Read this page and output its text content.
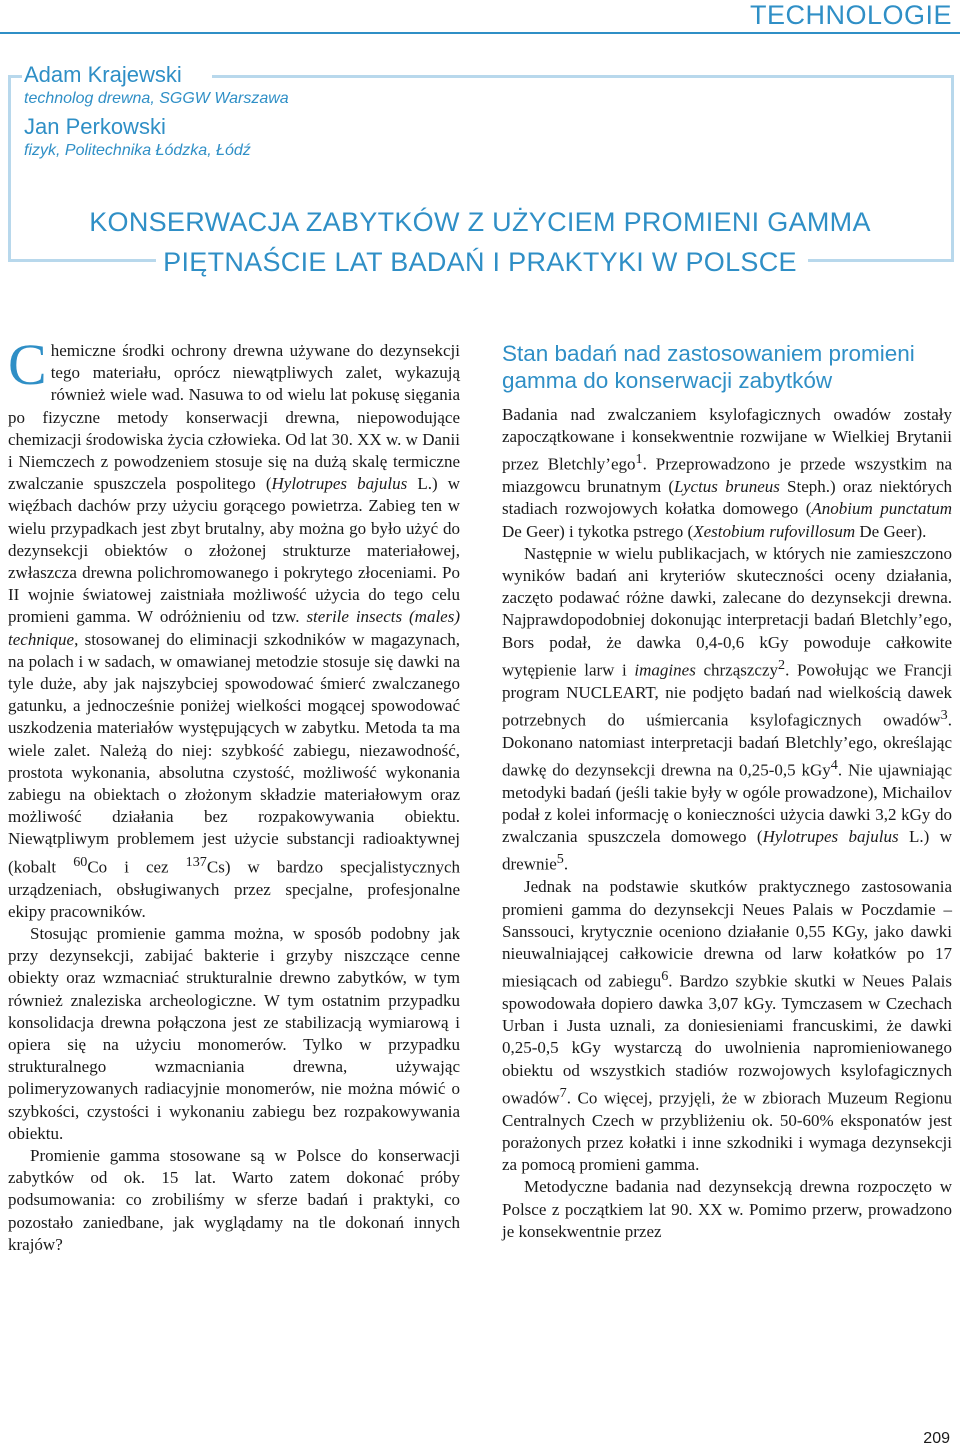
TECHNOLOGIE
Adam Krajewski
technolog drewna, SGGW Warszawa
Jan Perkowski
fizyk, Politechnika Łódzka, Łódź
KONSERWACJA ZABYTKÓW Z UŻYCIEM PROMIENI GAMMA
PIĘTNAŚCIE LAT BADAŃ I PRAKTYKI W POLSCE

Chemiczne środki ochrony drewna używane do dezynsekcji tego materiału, oprócz niewątpliwych zalet, wykazują również wiele wad. Nasuwa to od wielu lat pokusę sięgania po fizyczne metody konserwacji drewna, niepowodujące chemizacji środowiska życia człowieka. Od lat 30. XX w. w Danii i Niemczech z powodzeniem stosuje się na dużą skalę termiczne zwalczanie spuszczela pospolitego (Hylotrupes bajulus L.) w więźbach dachów przy użyciu gorącego powietrza. Zabieg ten w wielu przypadkach jest zbyt brutalny, aby można go było użyć do dezynsekcji obiektów o złożonej strukturze materiałowej, zwłaszcza drewna polichromowanego i pokrytego złoceniami. Po II wojnie światowej zaistniała możliwość użycia do tego celu promieni gamma. W odróżnieniu od tzw. sterile insects (males) technique, stosowanej do eliminacji szkodników w magazynach, na polach i w sadach, w omawianej metodzie stosuje się dawki na tyle duże, aby jak najszybciej spowodować śmierć zwalczanego gatunku, a jednocześnie poniżej wielkości mogącej spowodować uszkodzenia materiałów występujących w zabytku. Metoda ta ma wiele zalet. Należą do niej: szybkość zabiegu, niezawodność, prostota wykonania, absolutna czystość, możliwość wykonania zabiegu na obiektach o złożonym składzie materiałowym oraz możliwość działania bez rozpakowywania obiektu. Niewątpliwym problemem jest użycie substancji radioaktywnej (kobalt $^{60}$Co i cez $^{137}$Cs) w bardzo specjalistycznych urządzeniach, obsługiwanych przez specjalne, profesjonalne ekipy pracowników.

Stosując promienie gamma można, w sposób podobny jak przy dezynsekcji, zabijać bakterie i grzyby niszczące cenne obiekty oraz wzmacniać strukturalnie drewno zabytków, w tym również znaleziska archeologiczne. W tym ostatnim przypadku konsolidacja drewna połączona jest ze stabilizacją wymiarową i opiera się na użyciu monomerów. Tylko w przypadku strukturalnego wzmacniania drewna, używając polimeryzowanych radiacyjnie monomerów, nie można mówić o szybkości, czystości i wykonaniu zabiegu bez rozpakowywania obiektu.

Promienie gamma stosowane są w Polsce do konserwacji zabytków od ok. 15 lat. Warto zatem dokonać próby podsumowania: co zrobiliśmy w sferze badań i praktyki, co pozostało zaniedbane, jak wyglądamy na tle dokonań innych krajów?

Stan badań nad zastosowaniem promieni gamma do konserwacji zabytków

Badania nad zwalczaniem ksylofagicznych owadów zostały zapoczątkowane i konsekwentnie rozwijane w Wielkiej Brytanii przez Bletchly’ego$^1$. Przeprowadzono je przede wszystkim na miazgowcu brunatnym (Lyctus bruneus Steph.) oraz niektórych stadiach rozwojowych kołatka domowego (Anobium punctatum De Geer) i tykotka pstrego (Xestobium rufovillosum De Geer).

Następnie w wielu publikacjach, w których nie zamieszczono wyników badań ani kryteriów skuteczności oceny działania, zaczęto podawać różne dawki, zalecane do dezynsekcji drewna. Najprawdopodobniej dokonując interpretacji badań Bletchly’ego, Bors podał, że dawka 0,4-0,6 kGy powoduje całkowite wytępienie larw i imagines chrząszczy$^2$. Powołując we Francji program NUCLEART, nie podjęto badań nad wielkością dawek potrzebnych do uśmiercania ksylofagicznych owadów$^3$. Dokonano natomiast interpretacji badań Bletchly’ego, określając dawkę do dezynsekcji drewna na 0,25-0,5 kGy$^4$. Nie ujawniając metodyki badań (jeśli takie były w ogóle prowadzone), Michailov podał z kolei informację o konieczności użycia dawki 3,2 kGy do zwalczania spuszczela domowego (Hylotrupes bajulus L.) w drewnie$^5$.

Jednak na podstawie skutków praktycznego zastosowania promieni gamma do dezynsekcji Neues Palais w Poczdamie – Sanssouci, krytycznie oceniono działanie 0,55 KGy, jako dawki nieuwalniającej całkowicie drewna od larw kołatków po 17 miesiącach od zabiegu$^6$. Bardzo szybkie skutki w Neues Palais spowodowała dopiero dawka 3,07 kGy. Tymczasem w Czechach Urban i Justa uznali, za doniesieniami francuskimi, że dawki 0,25-0,5 kGy wystarczą do uwolnienia napromieniowanego obiektu od wszystkich stadiów rozwojowych ksylofagicznych owadów$^7$. Co więcej, przyjęli, że w zbiorach Muzeum Regionu Centralnych Czech w przybliżeniu ok. 50-60% eksponatów jest porażonych przez kołatki i inne szkodniki i wymaga dezynsekcji za pomocą promieni gamma.

Metodyczne badania nad dezynsekcją drewna rozpoczęto w Polsce z początkiem lat 90. XX w. Pomimo przerw, prowadzono je konsekwentnie przez

209
